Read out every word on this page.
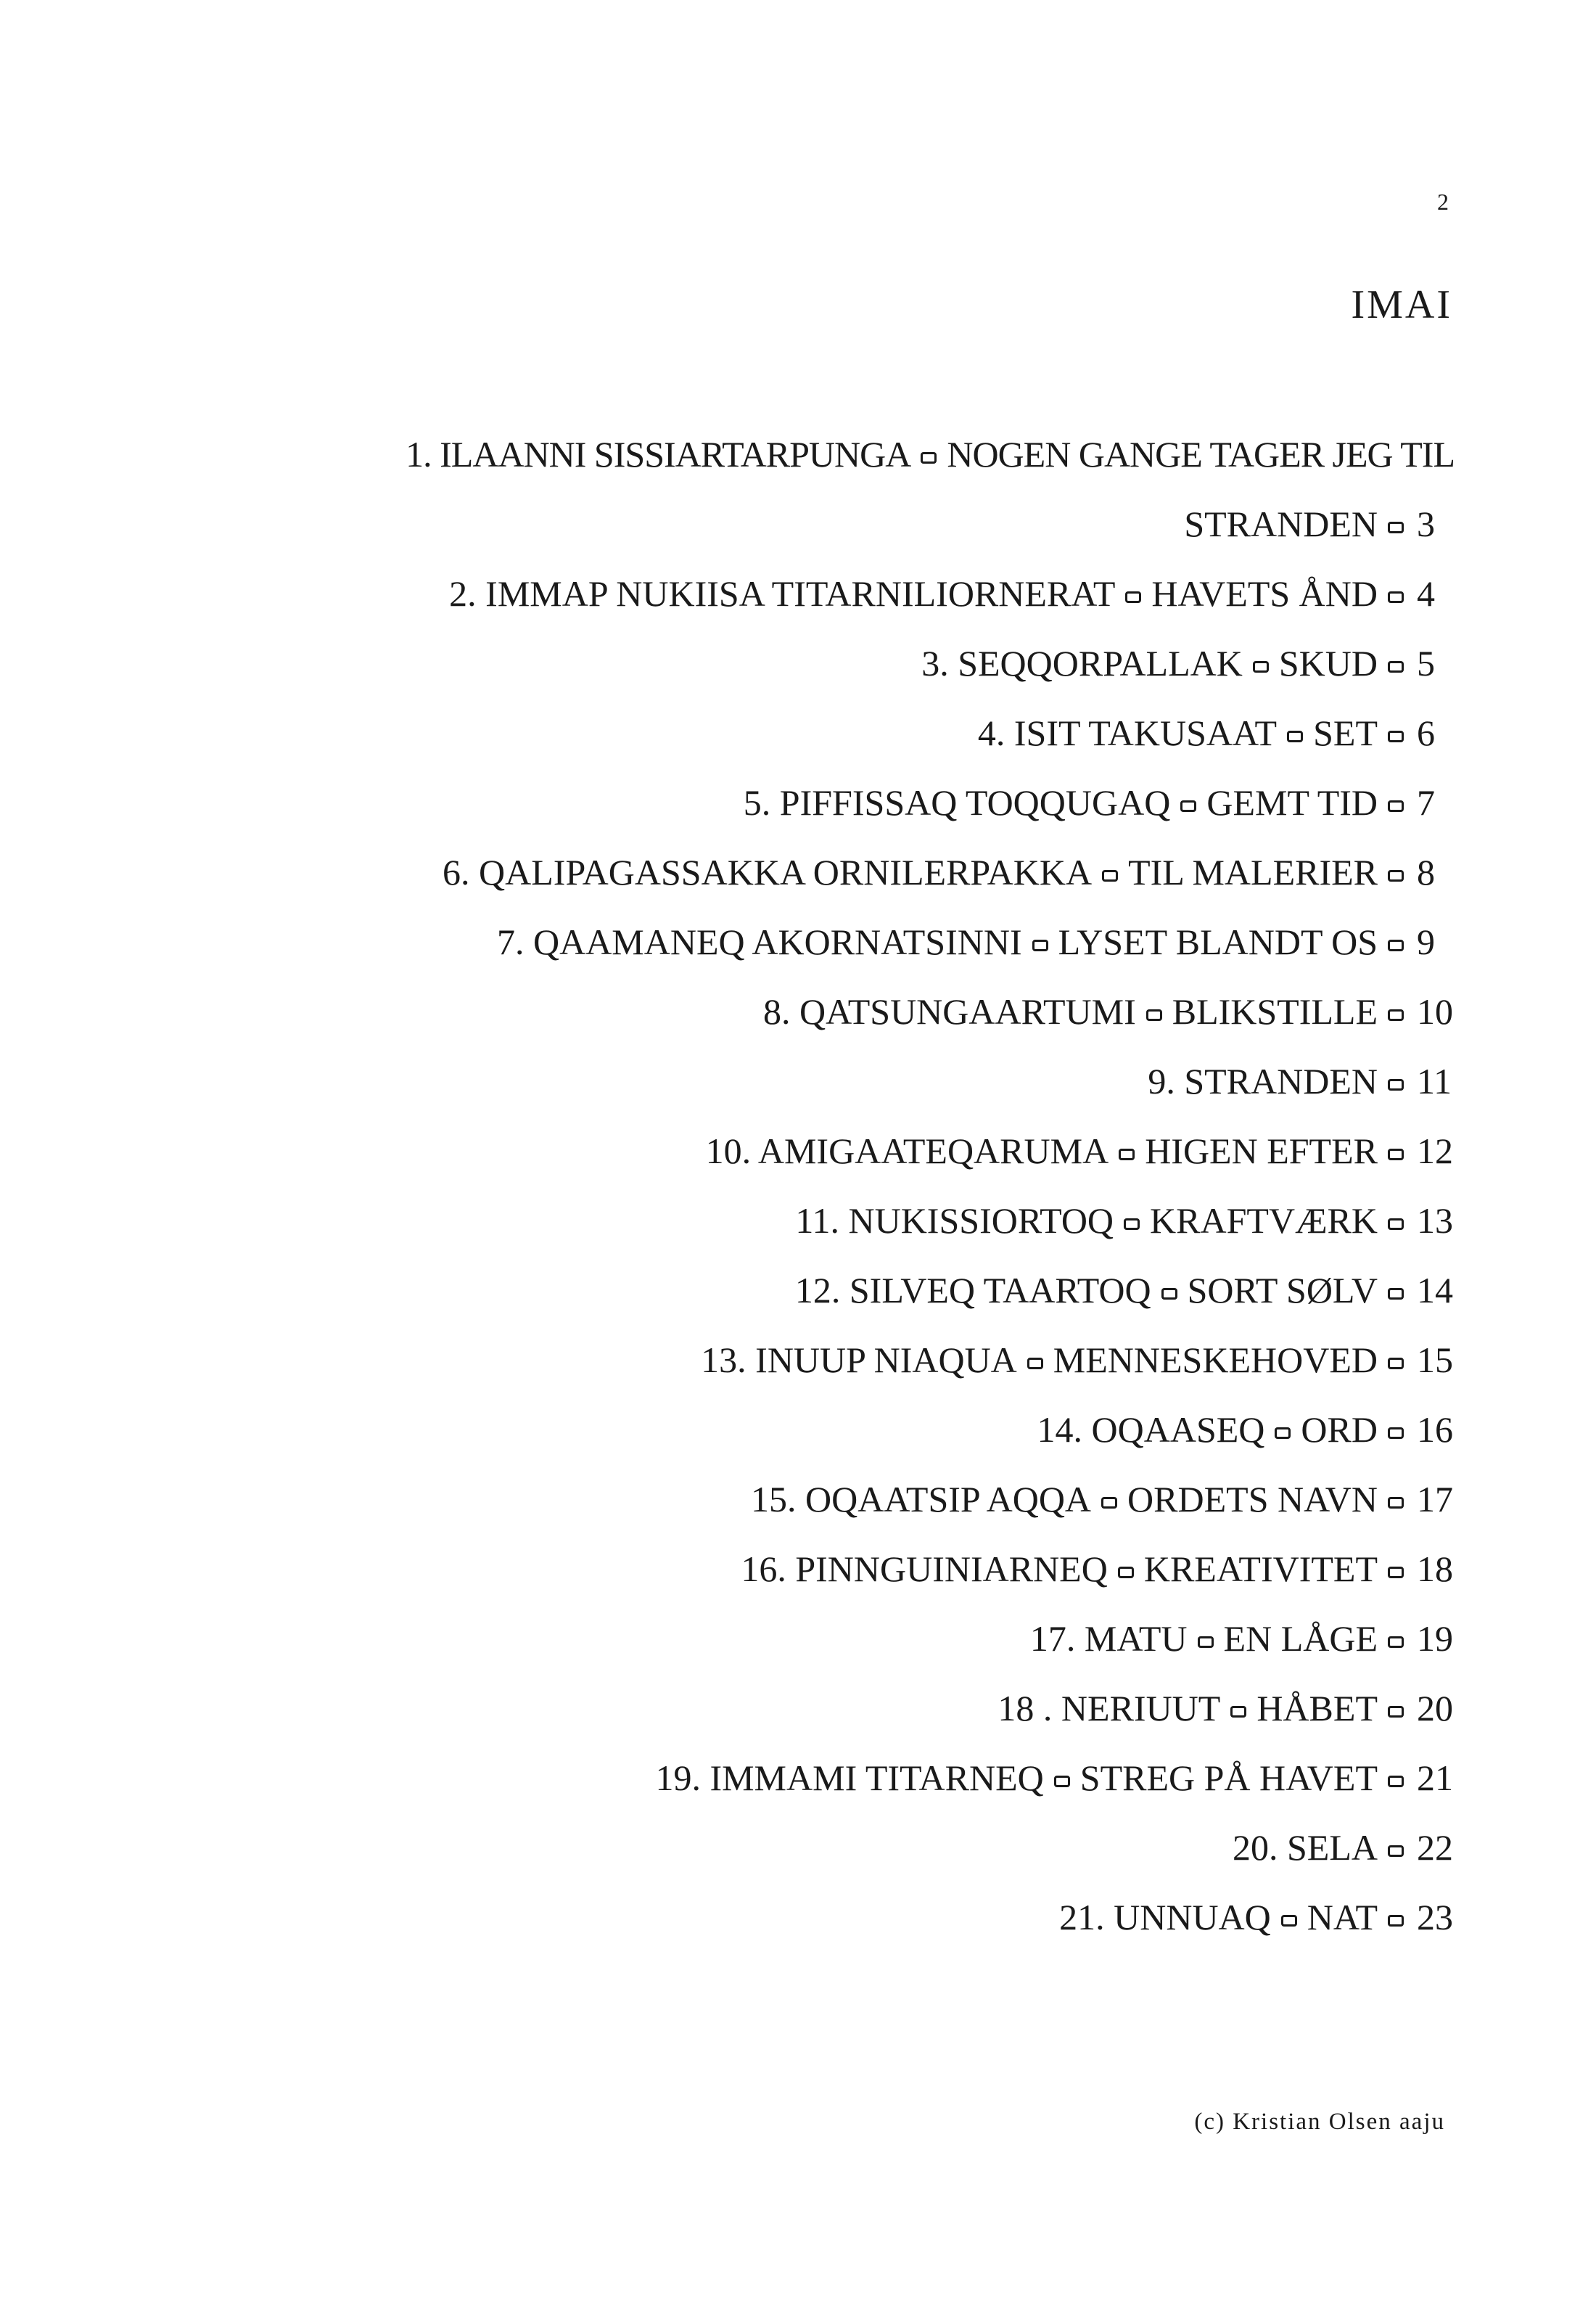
2
IMAI
1. ILAANNI SISSIARTARPUNGA NOGEN GANGE TAGER JEG TIL
STRANDEN 3
2. IMMAP NUKIISA TITARNILIORNERAT HAVETS ÅND 4
3. SEQQORPALLAK SKUD 5
4. ISIT TAKUSAAT SET 6
5. PIFFISSAQ TOQQUGAQ GEMT TID 7
6. QALIPAGASSAKKA ORNILERPAKKA TIL MALERIER 8
7. QAAMANEQ AKORNATSINNI LYSET BLANDT OS 9
8. QATSUNGAARTUMI BLIKSTILLE 10
9. STRANDEN 11
10. AMIGAATEQARUMA HIGEN EFTER 12
11. NUKISSIORTOQ KRAFTVÆRK 13
12. SILVEQ TAARTOQ SORT SØLV 14
13. INUUP NIAQUA MENNESKEHOVED 15
14. OQAASEQ ORD 16
15. OQAATSIP AQQA ORDETS NAVN 17
16. PINNGUINIARNEQ KREATIVITET 18
17. MATU EN LÅGE 19
18 . NERIUUT HÅBET 20
19. IMMAMI TITARNEQ STREG PÅ HAVET 21
20. SELA 22
21. UNNUAQ NAT 23
(c) Kristian Olsen aaju
